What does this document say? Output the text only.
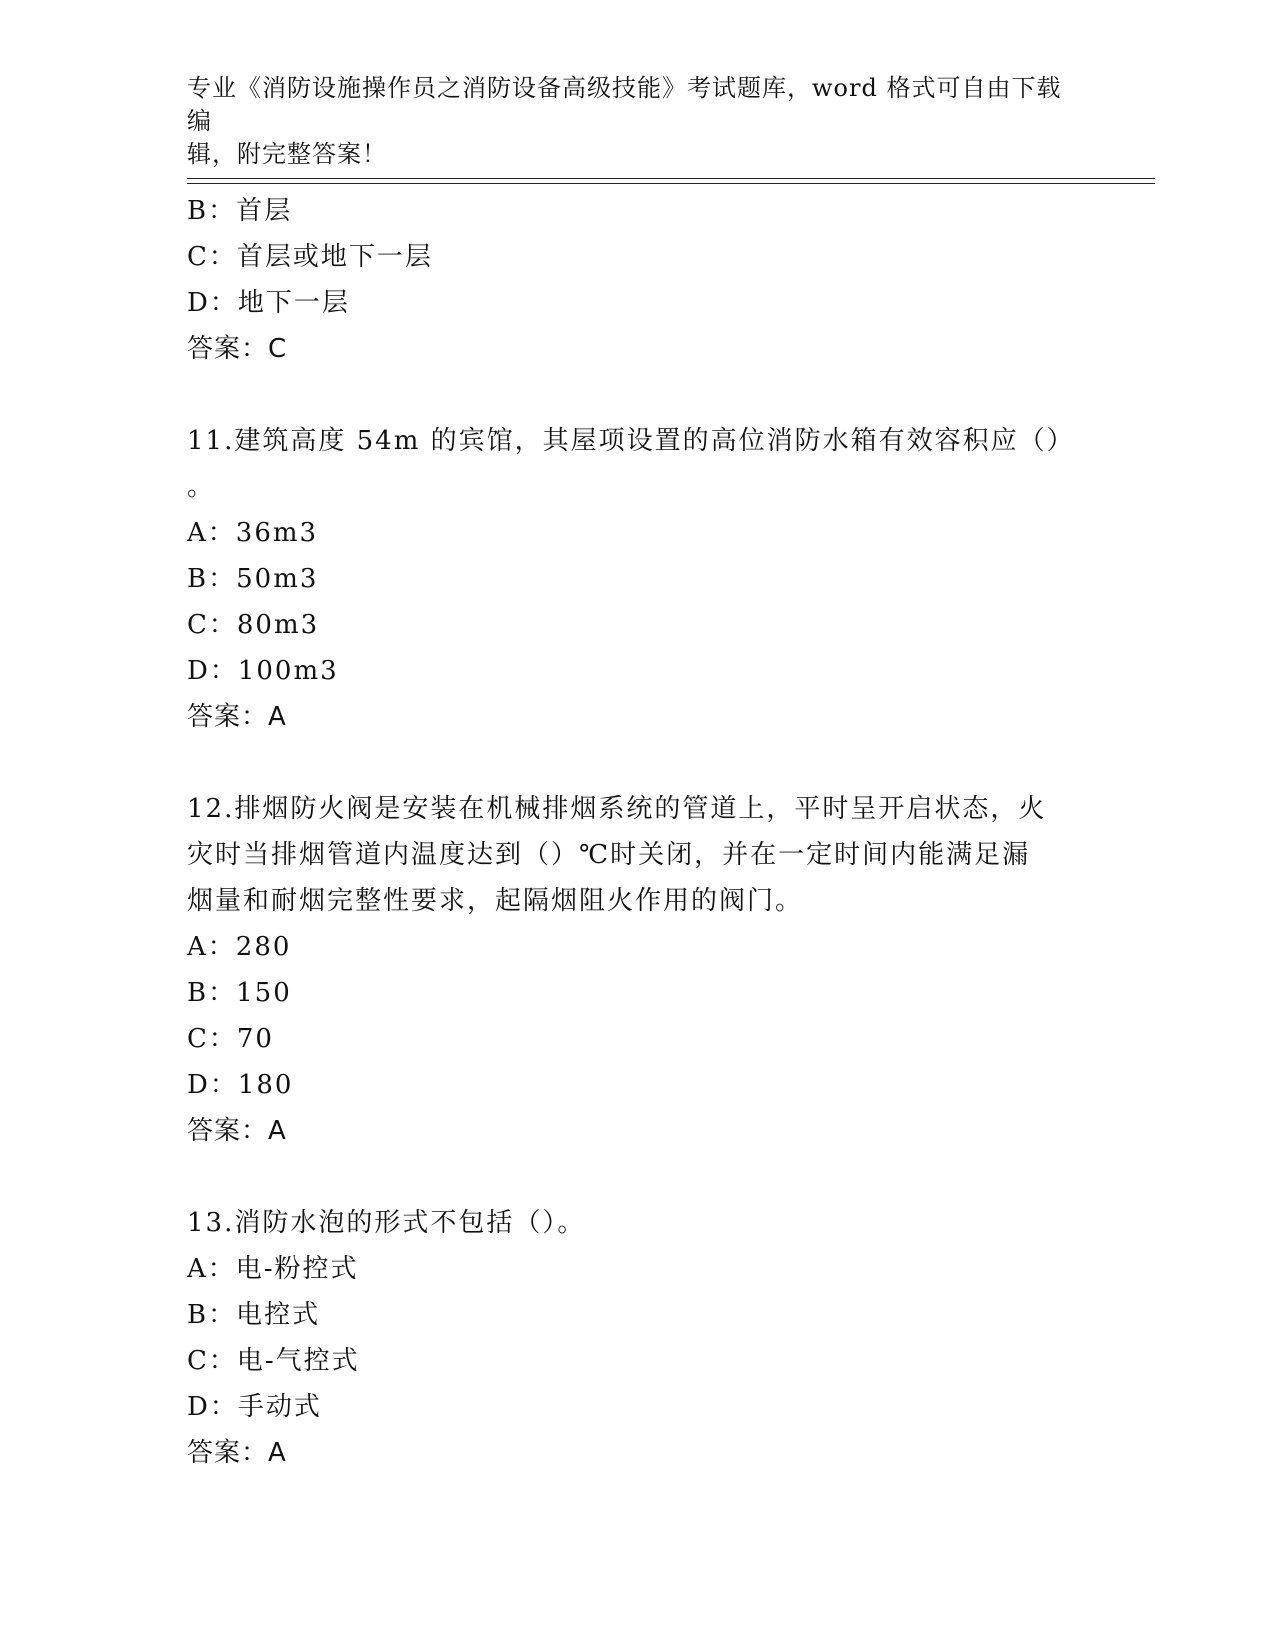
专业《消防设施操作员之消防设备高级技能》考试题库，word 格式可自由下载编
辑，附完整答案！
B：首层
C：首层或地下一层
D：地下一层
答案：C
11.建筑高度 54m 的宾馆，其屋项设置的高位消防水箱有效容积应（）
。
A：36m3
B：50m3
C：80m3
D：100m3
答案：A
12.排烟防火阀是安装在机械排烟系统的管道上，平时呈开启状态，火
灾时当排烟管道内温度达到（）℃时关闭，并在一定时间内能满足漏
烟量和耐烟完整性要求，起隔烟阻火作用的阀门。
A：280
B：150
C：70
D：180
答案：A
13.消防水泡的形式不包括（）。
A：电-粉控式
B：电控式
C：电-气控式
D：手动式
答案：A
